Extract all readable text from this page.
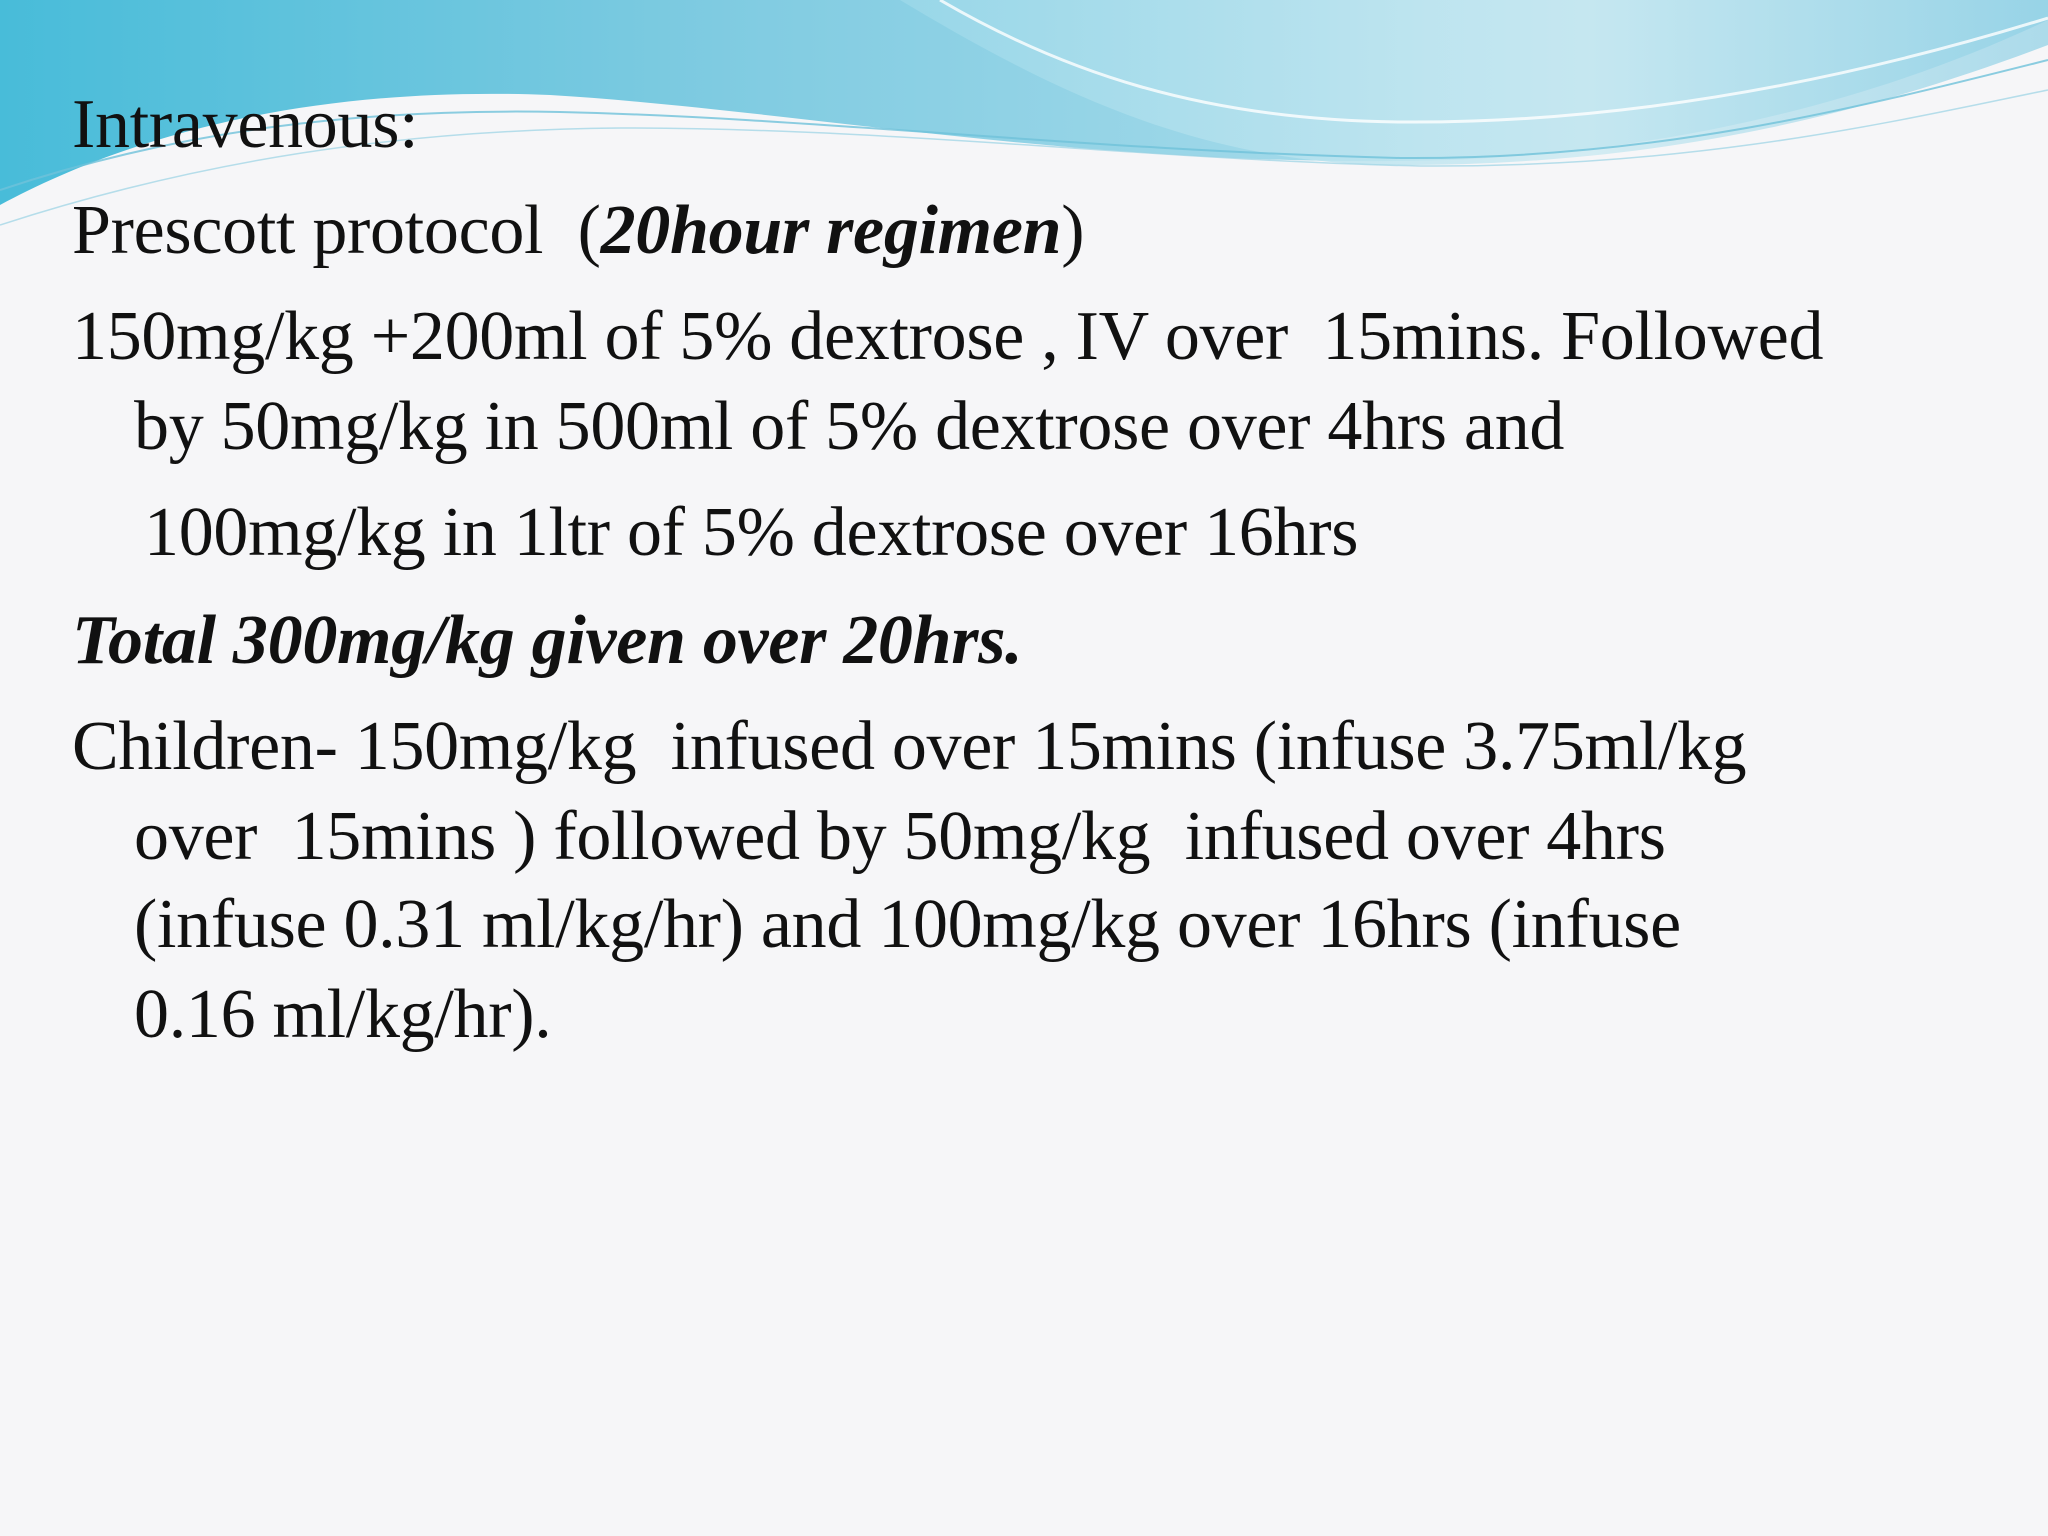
Intravenous:
Prescott protocol  (20hour regimen)
150mg/kg +200ml of 5% dextrose , IV over  15mins. Followed
by 50mg/kg in 500ml of 5% dextrose over 4hrs and
100mg/kg in 1ltr of 5% dextrose over 16hrs
Total 300mg/kg given over 20hrs.
Children- 150mg/kg  infused over 15mins (infuse 3.75ml/kg
over  15mins ) followed by 50mg/kg  infused over 4hrs
(infuse 0.31 ml/kg/hr) and 100mg/kg over 16hrs (infuse
0.16 ml/kg/hr).
